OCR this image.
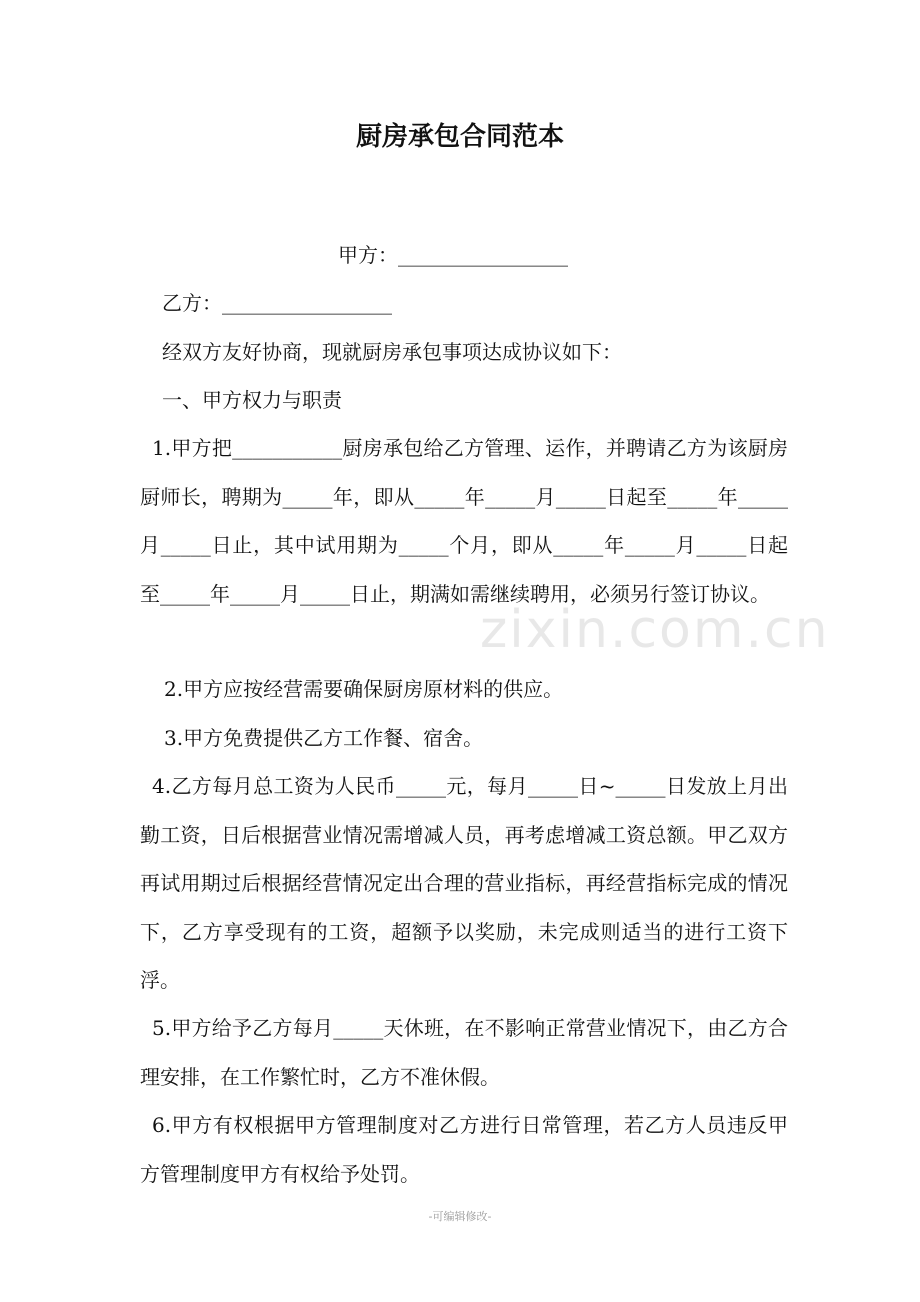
zixin.com.cn
厨房承包合同范本
甲方：_________________
乙方：_________________
经双方友好协商，现就厨房承包事项达成协议如下：
一、甲方权力与职责
1.甲方把___________厨房承包给乙方管理、运作，并聘请乙方为该厨房厨师长，聘期为_____年，即从_____年_____月_____日起至_____年_____月_____日止，其中试用期为_____个月，即从_____年_____月_____日起至_____年_____月_____日止，期满如需继续聘用，必须另行签订协议。
2.甲方应按经营需要确保厨房原材料的供应。
3.甲方免费提供乙方工作餐、宿舍。
4.乙方每月总工资为人民币_____元，每月_____日~_____日发放上月出勤工资，日后根据营业情况需增减人员，再考虑增减工资总额。甲乙双方再试用期过后根据经营情况定出合理的营业指标，再经营指标完成的情况下，乙方享受现有的工资，超额予以奖励，未完成则适当的进行工资下浮。
5.甲方给予乙方每月_____天休班，在不影响正常营业情况下，由乙方合理安排，在工作繁忙时，乙方不准休假。
6.甲方有权根据甲方管理制度对乙方进行日常管理，若乙方人员违反甲方管理制度甲方有权给予处罚。
-可编辑修改-
